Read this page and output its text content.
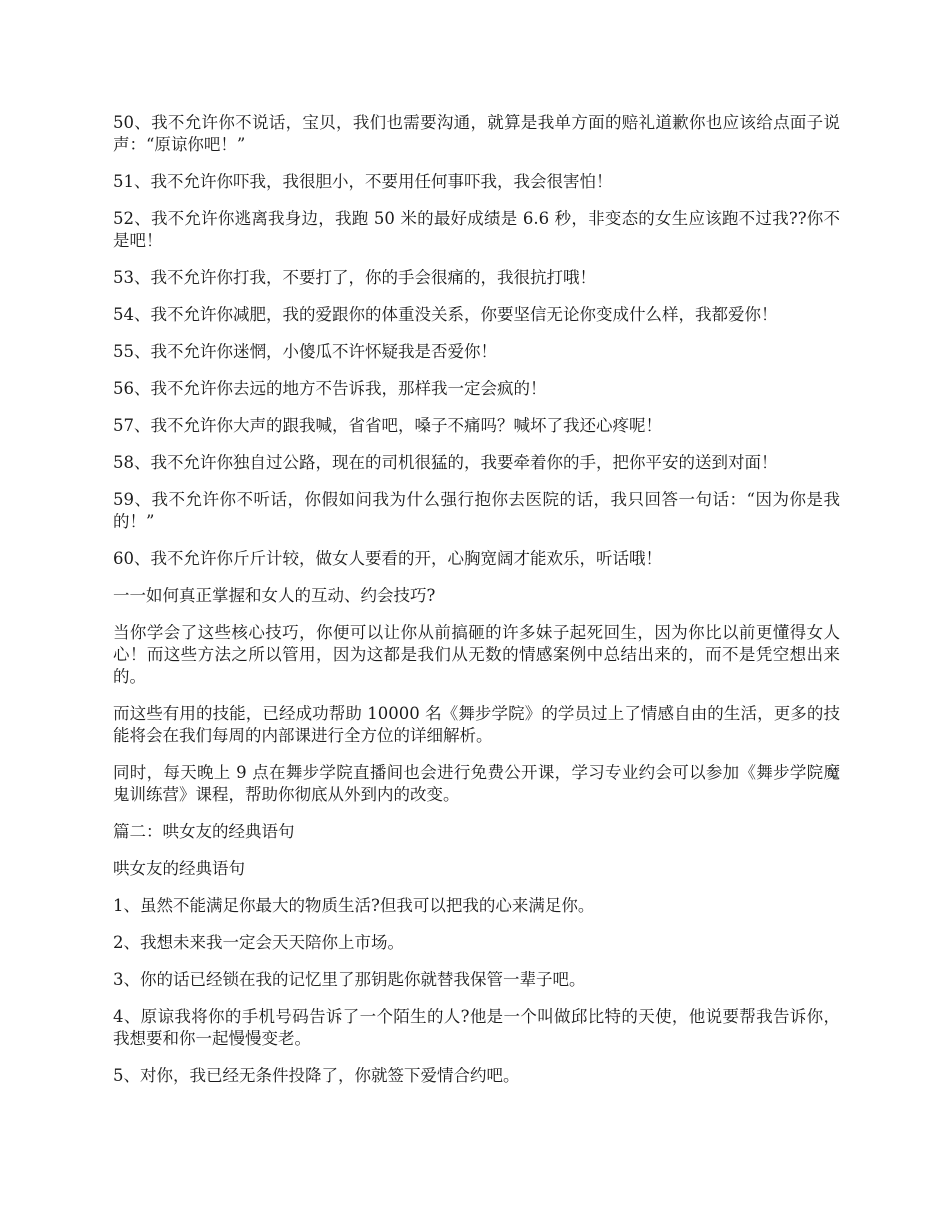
50、我不允许你不说话，宝贝，我们也需要沟通，就算是我单方面的赔礼道歉你也应该给点面子说声：“原谅你吧！”

51、我不允许你吓我，我很胆小，不要用任何事吓我，我会很害怕！

52、我不允许你逃离我身边，我跑 50 米的最好成绩是 6.6 秒，非变态的女生应该跑不过我??你不是吧！

53、我不允许你打我，不要打了，你的手会很痛的，我很抗打哦！

54、我不允许你减肥，我的爱跟你的体重没关系，你要坚信无论你变成什么样，我都爱你！

55、我不允许你迷惘，小傻瓜不许怀疑我是否爱你！

56、我不允许你去远的地方不告诉我，那样我一定会疯的！

57、我不允许你大声的跟我喊，省省吧，嗓子不痛吗？喊坏了我还心疼呢！

58、我不允许你独自过公路，现在的司机很猛的，我要牵着你的手，把你平安的送到对面！

59、我不允许你不听话，你假如问我为什么强行抱你去医院的话，我只回答一句话：“因为你是我的！”

60、我不允许你斤斤计较，做女人要看的开，心胸宽阔才能欢乐，听话哦！

一一如何真正掌握和女人的互动、约会技巧?

当你学会了这些核心技巧，你便可以让你从前搞砸的许多妹子起死回生，因为你比以前更懂得女人心！而这些方法之所以管用，因为这都是我们从无数的情感案例中总结出来的，而不是凭空想出来的。

而这些有用的技能，已经成功帮助 10000 名《舞步学院》的学员过上了情感自由的生活，更多的技能将会在我们每周的内部课进行全方位的详细解析。

同时，每天晚上 9 点在舞步学院直播间也会进行免费公开课，学习专业约会可以参加《舞步学院魔鬼训练营》课程，帮助你彻底从外到内的改变。

篇二：哄女友的经典语句

哄女友的经典语句

1、虽然不能满足你最大的物质生活?但我可以把我的心来满足你。

2、我想未来我一定会天天陪你上市场。

3、你的话已经锁在我的记忆里了那钥匙你就替我保管一辈子吧。

4、原谅我将你的手机号码告诉了一个陌生的人?他是一个叫做邱比特的天使，他说要帮我告诉你，我想要和你一起慢慢变老。

5、对你，我已经无条件投降了，你就签下爱情合约吧。
